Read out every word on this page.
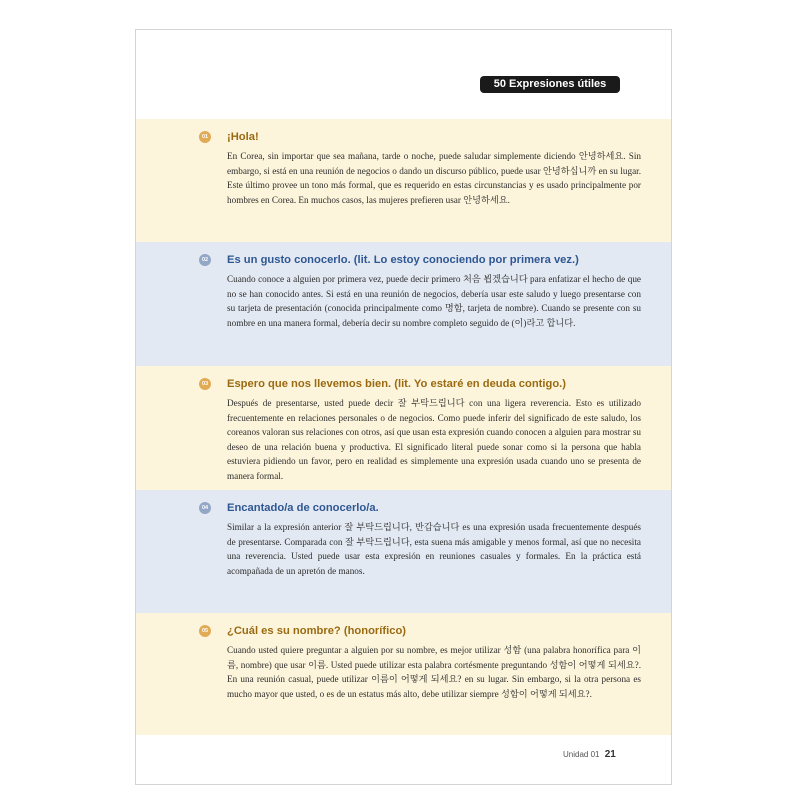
50 Expresiones útiles
01 ¡Hola!
En Corea, sin importar que sea mañana, tarde o noche, puede saludar simplemente diciendo 안녕하세요. Sin embargo, si está en una reunión de negocios o dando un discurso público, puede usar 안녕하십니까 en su lugar. Este último provee un tono más formal, que es requerido en estas circunstancias y es usado principalmente por hombres en Corea. En muchos casos, las mujeres prefieren usar 안녕하세요.
02 Es un gusto conocerlo. (lit. Lo estoy conociendo por primera vez.)
Cuando conoce a alguien por primera vez, puede decir primero 처음 뵙겠습니다 para enfatizar el hecho de que no se han conocido antes. Si está en una reunión de negocios, debería usar este saludo y luego presentarse con su tarjeta de presentación (conocida principalmente como 명함, tarjeta de nombre). Cuando se presente con su nombre en una manera formal, debería decir su nombre completo seguido de (이)라고 합니다.
03 Espero que nos llevemos bien. (lit. Yo estaré en deuda contigo.)
Después de presentarse, usted puede decir 잘 부탁드립니다 con una ligera reverencia. Esto es utilizado frecuentemente en relaciones personales o de negocios. Como puede inferir del significado de este saludo, los coreanos valoran sus relaciones con otros, así que usan esta expresión cuando conocen a alguien para mostrar su deseo de una relación buena y productiva. El significado literal puede sonar como si la persona que habla estuviera pidiendo un favor, pero en realidad es simplemente una expresión usada cuando uno se presenta de manera formal.
04 Encantado/a de conocerlo/a.
Similar a la expresión anterior 잘 부탁드립니다, 반갑습니다 es una expresión usada frecuentemente después de presentarse. Comparada con 잘 부탁드립니다, esta suena más amigable y menos formal, así que no necesita una reverencia. Usted puede usar esta expresión en reuniones casuales y formales. En la práctica está acompañada de un apretón de manos.
05 ¿Cuál es su nombre? (honorífico)
Cuando usted quiere preguntar a alguien por su nombre, es mejor utilizar 성함 (una palabra honorífica para 이름, nombre) que usar 이름. Usted puede utilizar esta palabra cortésmente preguntando 성함이 어떻게 되세요?. En una reunión casual, puede utilizar 이름이 어떻게 되세요? en su lugar. Sin embargo, si la otra persona es mucho mayor que usted, o es de un estatus más alto, debe utilizar siempre 성함이 어떻게 되세요?.
Unidad 01 21
